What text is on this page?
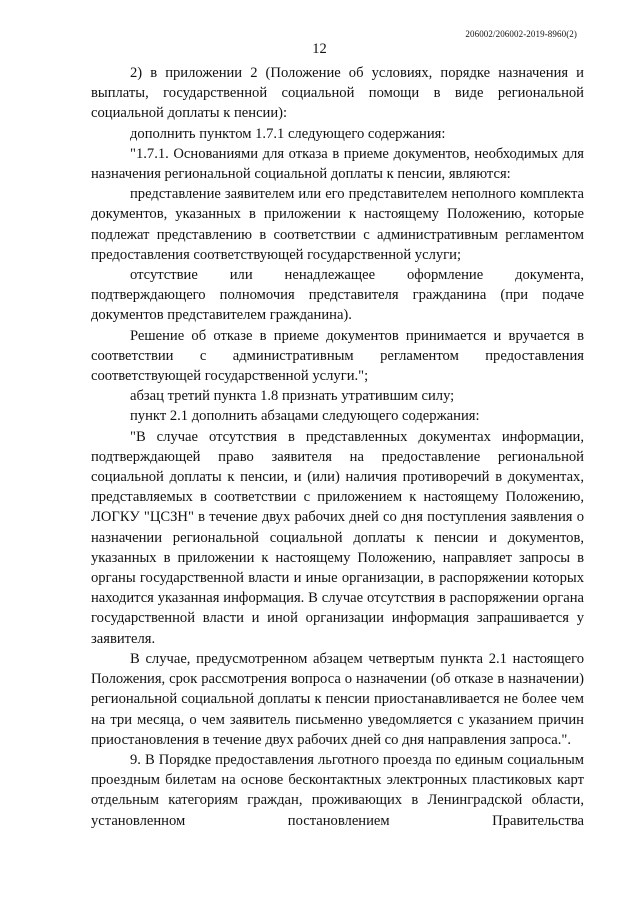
206002/206002-2019-8960(2)
12

2) в приложении 2 (Положение об условиях, порядке назначения и выплаты, государственной социальной помощи в виде региональной социальной доплаты к пенсии):

дополнить пунктом 1.7.1 следующего содержания:

"1.7.1. Основаниями для отказа в приеме документов, необходимых для назначения региональной социальной доплаты к пенсии, являются:

представление заявителем или его представителем неполного комплекта документов, указанных в приложении к настоящему Положению, которые подлежат представлению в соответствии с административным регламентом предоставления соответствующей государственной услуги;

отсутствие или ненадлежащее оформление документа, подтверждающего полномочия представителя гражданина (при подаче документов представителем гражданина).

Решение об отказе в приеме документов принимается и вручается в соответствии с административным регламентом предоставления соответствующей государственной услуги.";

абзац третий пункта 1.8 признать утратившим силу;

пункт 2.1 дополнить абзацами следующего содержания:

"В случае отсутствия в представленных документах информации, подтверждающей право заявителя на предоставление региональной социальной доплаты к пенсии, и (или) наличия противоречий в документах, представляемых в соответствии с приложением к настоящему Положению, ЛОГКУ "ЦСЗН" в течение двух рабочих дней со дня поступления заявления о назначении региональной социальной доплаты к пенсии и документов, указанных в приложении к настоящему Положению, направляет запросы в органы государственной власти и иные организации, в распоряжении которых находится указанная информация. В случае отсутствия в распоряжении органа государственной власти и иной организации информация запрашивается у заявителя.

В случае, предусмотренном абзацем четвертым пункта 2.1 настоящего Положения, срок рассмотрения вопроса о назначении (об отказе в назначении) региональной социальной доплаты к пенсии приостанавливается не более чем на три месяца, о чем заявитель письменно уведомляется с указанием причин приостановления в течение двух рабочих дней со дня направления запроса.".

9. В Порядке предоставления льготного проезда по единым социальным проездным билетам на основе бесконтактных электронных пластиковых карт отдельным категориям граждан, проживающих в Ленинградской области, установленном постановлением Правительства
